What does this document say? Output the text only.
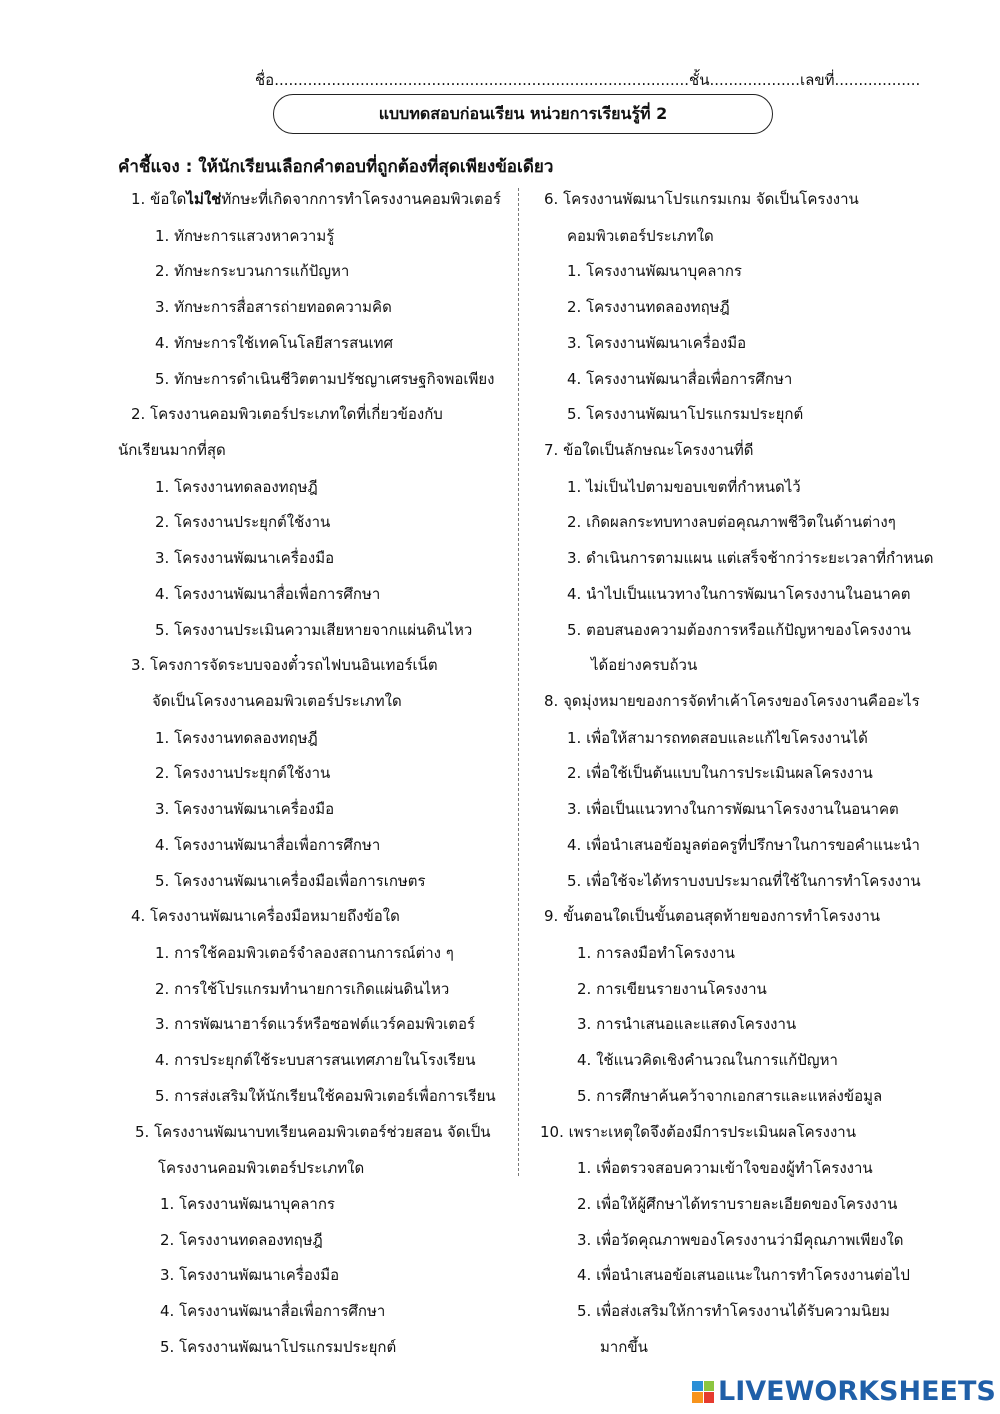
ชื่อ.......................................................................................ชั้น...................เลขที่..................
แบบทดสอบก่อนเรียน หน่วยการเรียนรู้ที่ 2
คำชี้แจง : ให้นักเรียนเลือกคำตอบที่ถูกต้องที่สุดเพียงข้อเดียว
1. ข้อใดไม่ใช่ทักษะที่เกิดจากการทำโครงงานคอมพิวเตอร์
1. ทักษะการแสวงหาความรู้
2. ทักษะกระบวนการแก้ปัญหา
3. ทักษะการสื่อสารถ่ายทอดความคิด
4. ทักษะการใช้เทคโนโลยีสารสนเทศ
5. ทักษะการดำเนินชีวิตตามปรัชญาเศรษฐกิจพอเพียง
2. โครงงานคอมพิวเตอร์ประเภทใดที่เกี่ยวข้องกับ
นักเรียนมากที่สุด
1. โครงงานทดลองทฤษฎี
2. โครงงานประยุกต์ใช้งาน
3. โครงงานพัฒนาเครื่องมือ
4. โครงงานพัฒนาสื่อเพื่อการศึกษา
5. โครงงานประเมินความเสียหายจากแผ่นดินไหว
3. โครงการจัดระบบจองตั๋วรถไฟบนอินเทอร์เน็ต
จัดเป็นโครงงานคอมพิวเตอร์ประเภทใด
1. โครงงานทดลองทฤษฎี
2. โครงงานประยุกต์ใช้งาน
3. โครงงานพัฒนาเครื่องมือ
4. โครงงานพัฒนาสื่อเพื่อการศึกษา
5. โครงงานพัฒนาเครื่องมือเพื่อการเกษตร
4. โครงงานพัฒนาเครื่องมือหมายถึงข้อใด
1. การใช้คอมพิวเตอร์จำลองสถานการณ์ต่าง ๆ
2. การใช้โปรแกรมทำนายการเกิดแผ่นดินไหว
3. การพัฒนาฮาร์ดแวร์หรือซอฟต์แวร์คอมพิวเตอร์
4. การประยุกต์ใช้ระบบสารสนเทศภายในโรงเรียน
5. การส่งเสริมให้นักเรียนใช้คอมพิวเตอร์เพื่อการเรียน
5. โครงงานพัฒนาบทเรียนคอมพิวเตอร์ช่วยสอน จัดเป็น
โครงงานคอมพิวเตอร์ประเภทใด
1. โครงงานพัฒนาบุคลากร
2. โครงงานทดลองทฤษฎี
3. โครงงานพัฒนาเครื่องมือ
4. โครงงานพัฒนาสื่อเพื่อการศึกษา
5. โครงงานพัฒนาโปรแกรมประยุกต์
6. โครงงานพัฒนาโปรแกรมเกม จัดเป็นโครงงาน
คอมพิวเตอร์ประเภทใด
1. โครงงานพัฒนาบุคลากร
2. โครงงานทดลองทฤษฎี
3. โครงงานพัฒนาเครื่องมือ
4. โครงงานพัฒนาสื่อเพื่อการศึกษา
5. โครงงานพัฒนาโปรแกรมประยุกต์
7. ข้อใดเป็นลักษณะโครงงานที่ดี
1. ไม่เป็นไปตามขอบเขตที่กำหนดไว้
2. เกิดผลกระทบทางลบต่อคุณภาพชีวิตในด้านต่างๆ
3. ดำเนินการตามแผน แต่เสร็จช้ากว่าระยะเวลาที่กำหนด
4. นำไปเป็นแนวทางในการพัฒนาโครงงานในอนาคต
5. ตอบสนองความต้องการหรือแก้ปัญหาของโครงงาน
ได้อย่างครบถ้วน
8. จุดมุ่งหมายของการจัดทำเค้าโครงของโครงงานคืออะไร
1. เพื่อให้สามารถทดสอบและแก้ไขโครงงานได้
2. เพื่อใช้เป็นต้นแบบในการประเมินผลโครงงาน
3. เพื่อเป็นแนวทางในการพัฒนาโครงงานในอนาคต
4. เพื่อนำเสนอข้อมูลต่อครูที่ปรึกษาในการขอคำแนะนำ
5. เพื่อใช้จะได้ทราบงบประมาณที่ใช้ในการทำโครงงาน
9. ขั้นตอนใดเป็นขั้นตอนสุดท้ายของการทำโครงงาน
1. การลงมือทำโครงงาน
2. การเขียนรายงานโครงงาน
3. การนำเสนอและแสดงโครงงาน
4. ใช้แนวคิดเชิงคำนวณในการแก้ปัญหา
5. การศึกษาค้นคว้าจากเอกสารและแหล่งข้อมูล
10. เพราะเหตุใดจึงต้องมีการประเมินผลโครงงาน
1. เพื่อตรวจสอบความเข้าใจของผู้ทำโครงงาน
2. เพื่อให้ผู้ศึกษาได้ทราบรายละเอียดของโครงงาน
3. เพื่อวัดคุณภาพของโครงงานว่ามีคุณภาพเพียงใด
4. เพื่อนำเสนอข้อเสนอแนะในการทำโครงงานต่อไป
5. เพื่อส่งเสริมให้การทำโครงงานได้รับความนิยม
มากขึ้น
LIVEWORKSHEETS
